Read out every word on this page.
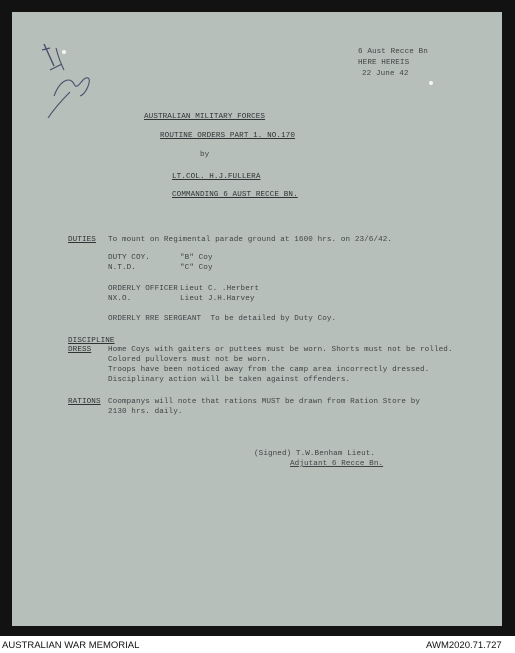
6 Aust Recce Bn
HERE HEREIS
22 June 42
AUSTRALIAN MILITARY FORCES
ROUTINE ORDERS PART 1. NO.170
by
LT.COL. H.J.FULLERA
COMMANDING 6 AUST RECCE BN.
DUTIES To mount on Regimental parade ground at 1600 hrs. on 23/6/42.
DUTY COY.	"B" Coy
N.T.D.	"C" Coy
ORDERLY OFFICER Lieut C. .Herbert
NX.O.	Lieut J.H.Harvey
ORDERLY RRE SERGEANT  To be detailed by Duty Coy.
DISCIPLINE
DRESS Home Coys with gaiters or puttees must be worn. Shorts must not be rolled.
Colored pullovers must not be worn.
Troops have been noticed away from the camp area incorrectly dressed.
Disciplinary action will be taken against offenders.
RATIONS Coompanys will note that rations MUST be drawn from Ration Store by
2130 hrs. daily.
(Signed) T.W.Benham Lieut.
Adjutant 6 Recce Bn.
AUSTRALIAN WAR MEMORIAL	AWM2020.71.727
